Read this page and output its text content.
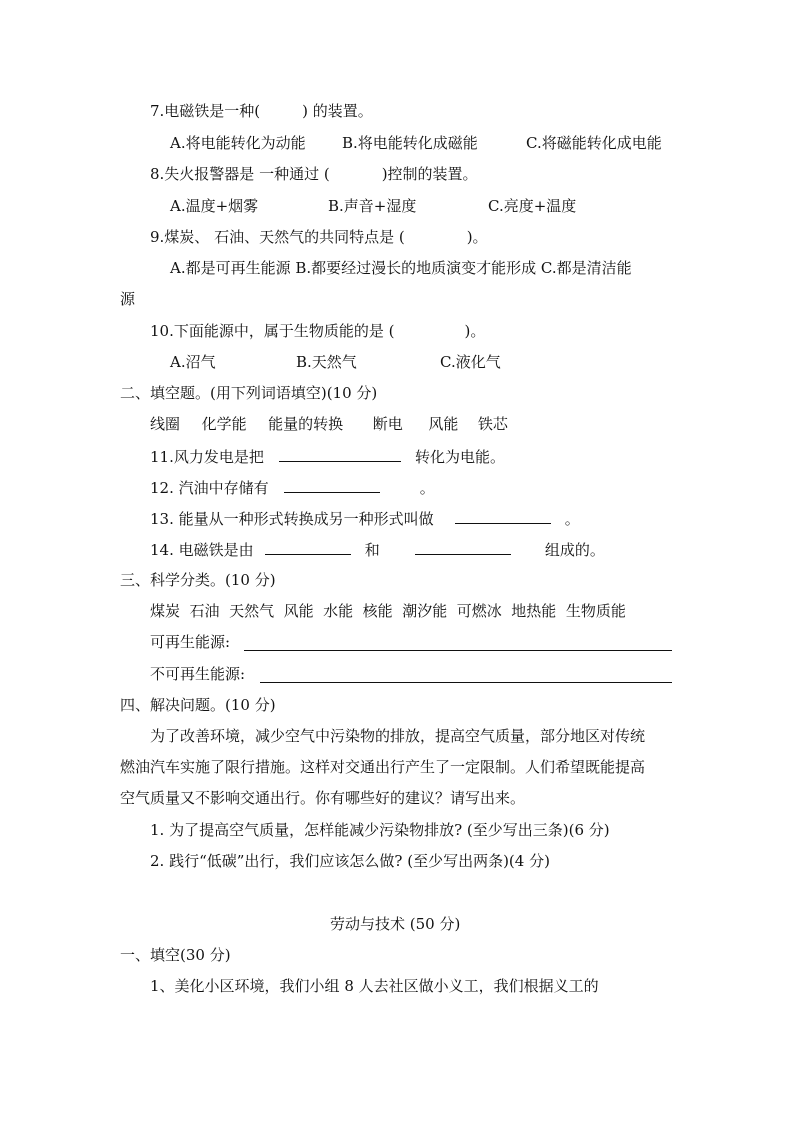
7.电磁铁是一种(	) 的装置。
A.将电能转化为动能 B.将电能转化成磁能	C.将磁能转化成电能
8.失火报警器是 一种通过 (	)控制的装置。
A.温度+烟雾	B.声音+湿度	C.亮度+温度
9.煤炭、 石油、天然气的共同特点是 (	)。
A.都是可再生能源 B.都要经过漫长的地质演变才能形成 C.都是清洁能
源
10.下面能源中，属于生物质能的是 (	)。
A.沼气	B.天然气	C.液化气
二、填空题。(用下列词语填空)(10 分)
线圈 化学能 能量的转换 断电 风能 铁芯
11.风力发电是把	转化为电能。
12. 汽油中存储有	。
13. 能量从一种形式转换成另一种形式叫做	。
14. 电磁铁是由	和	组成的。
三、科学分类。(10 分)
煤炭  石油  天然气  风能  水能  核能  潮汐能  可燃冰  地热能  生物质能
可再生能源:
不可再生能源:
四、解决问题。(10 分)
为了改善环境，减少空气中污染物的排放，提高空气质量，部分地区对传统
燃油汽车实施了限行措施。这样对交通出行产生了一定限制。人们希望既能提高
空气质量又不影响交通出行。你有哪些好的建议？请写出来。
1. 为了提高空气质量，怎样能减少污染物排放? (至少写出三条)(6 分)
2. 践行“低碳”出行，我们应该怎么做? (至少写出两条)(4 分)
劳动与技术 (50 分)
一、填空(30 分)
1、美化小区环境，我们小组 8 人去社区做小义工，我们根据义工的
